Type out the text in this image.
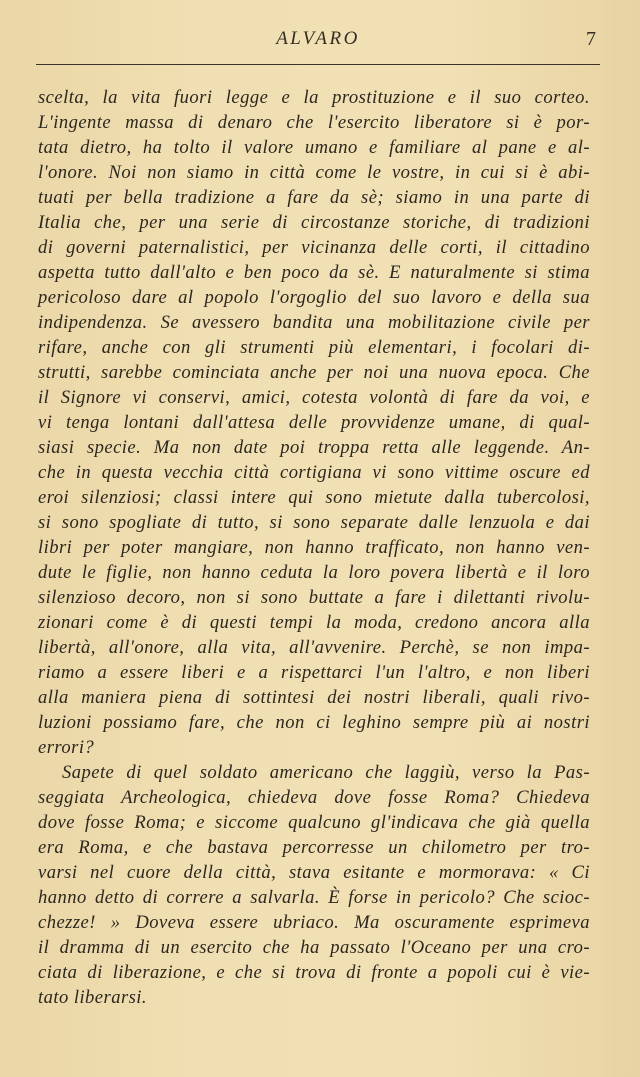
ALVARO	7
scelta, la vita fuori legge e la prostituzione e il suo corteo.
L'ingente massa di denaro che l'esercito liberatore si è por-
tata dietro, ha tolto il valore umano e familiare al pane e al-
l'onore. Noi non siamo in città come le vostre, in cui si è abi-
tuati per bella tradizione a fare da sè; siamo in una parte di
Italia che, per una serie di circostanze storiche, di tradizioni
di governi paternalistici, per vicinanza delle corti, il cittadino
aspetta tutto dall'alto e ben poco da sè. E naturalmente si stima
pericoloso dare al popolo l'orgoglio del suo lavoro e della sua
indipendenza. Se avessero bandita una mobilitazione civile per
rifare, anche con gli strumenti più elementari, i focolari di-
strutti, sarebbe cominciata anche per noi una nuova epoca. Che
il Signore vi conservi, amici, cotesta volontà di fare da voi, e
vi tenga lontani dall'attesa delle provvidenze umane, di qual-
siasi specie. Ma non date poi troppa retta alle leggende. An-
che in questa vecchia città cortigiana vi sono vittime oscure ed
eroi silenziosi; classi intere qui sono mietute dalla tubercolosi,
si sono spogliate di tutto, si sono separate dalle lenzuola e dai
libri per poter mangiare, non hanno trafficato, non hanno ven-
dute le figlie, non hanno ceduta la loro povera libertà e il loro
silenzioso decoro, non si sono buttate a fare i dilettanti rivolu-
zionari come è di questi tempi la moda, credono ancora alla
libertà, all'onore, alla vita, all'avvenire. Perchè, se non impa-
riamo a essere liberi e a rispettarci l'un l'altro, e non liberi
alla maniera piena di sottintesi dei nostri liberali, quali rivo-
luzioni possiamo fare, che non ci leghino sempre più ai nostri
errori?
Sapete di quel soldato americano che laggiù, verso la Pas-
seggiata Archeologica, chiedeva dove fosse Roma? Chiedeva
dove fosse Roma; e siccome qualcuno gl'indicava che già quella
era Roma, e che bastava percorresse un chilometro per tro-
varsi nel cuore della città, stava esitante e mormorava: « Ci
hanno detto di correre a salvarla. È forse in pericolo? Che scioc-
chezze! » Doveva essere ubriaco. Ma oscuramente esprimeva
il dramma di un esercito che ha passato l'Oceano per una cro-
ciata di liberazione, e che si trova di fronte a popoli cui è vie-
tato liberarsi.
